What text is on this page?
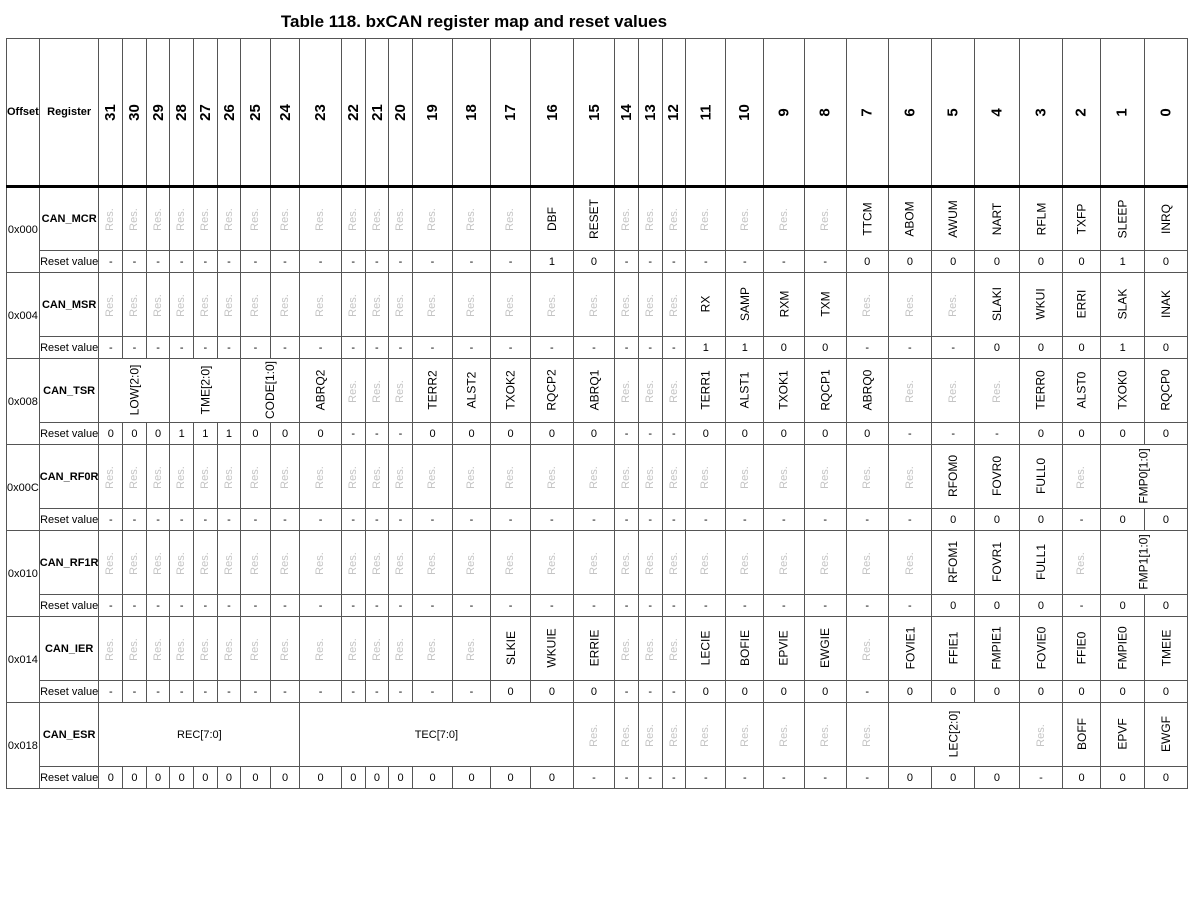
Table 118. bxCAN register map and reset values
Offset	Register	31	30	29	28	27	26	25	24	23	22	21	20	19	18	17	16	15	14	13	12	11	10	9	8	7	6	5	4	3	2	1	0
0x000	CAN_MCR	Res.	Res.	Res.	Res.	Res.	Res.	Res.	Res.	Res.	Res.	Res.	Res.	Res.	Res.	Res.	DBF	RESET	Res.	Res.	Res.	Res.	Res.	Res.	Res.	TTCM	ABOM	AWUM	NART	RFLM	TXFP	SLEEP	INRQ
	Reset value	-	-	-	-	-	-	-	-	-	-	-	-	-	-	-	1	0	-	-	-	-	-	-	-	0	0	0	0	0	0	1	0
0x004	CAN_MSR	Res.	Res.	Res.	Res.	Res.	Res.	Res.	Res.	Res.	Res.	Res.	Res.	Res.	Res.	Res.	Res.	Res.	Res.	Res.	Res.	RX	SAMP	RXM	TXM	Res.	Res.	Res.	SLAKI	WKUI	ERRI	SLAK	INAK
	Reset value	-	-	-	-	-	-	-	-	-	-	-	-	-	-	-	-	-	-	-	-	1	1	0	0	-	-	-	0	0	0	1	0
0x008	CAN_TSR	LOW[2:0]			TME[2:0]			CODE[1:0]		ABRQ2	Res.	Res.	Res.	TERR2	ALST2	TXOK2	RQCP2	ABRQ1	Res.	Res.	Res.	TERR1	ALST1	TXOK1	RQCP1	ABRQ0	Res.	Res.	Res.	TERR0	ALST0	TXOK0	RQCP0
	Reset value	0	0	0	1	1	1	0	0	0	-	-	-	0	0	0	0	0	-	-	-	0	0	0	0	0	-	-	-	0	0	0	0
0x00C	CAN_RF0R	Res.	Res.	Res.	Res.	Res.	Res.	Res.	Res.	Res.	Res.	Res.	Res.	Res.	Res.	Res.	Res.	Res.	Res.	Res.	Res.	Res.	Res.	Res.	Res.	Res.	Res.	RFOM0	FOVR0	FULL0	Res.	FMP0[1:0]	
	Reset value	-	-	-	-	-	-	-	-	-	-	-	-	-	-	-	-	-	-	-	-	-	-	-	-	-	-	0	0	0	-	0	0
0x010	CAN_RF1R	Res.	Res.	Res.	Res.	Res.	Res.	Res.	Res.	Res.	Res.	Res.	Res.	Res.	Res.	Res.	Res.	Res.	Res.	Res.	Res.	Res.	Res.	Res.	Res.	Res.	Res.	RFOM1	FOVR1	FULL1	Res.	FMP1[1:0]	
	Reset value	-	-	-	-	-	-	-	-	-	-	-	-	-	-	-	-	-	-	-	-	-	-	-	-	-	-	0	0	0	-	0	0
0x014	CAN_IER	Res.	Res.	Res.	Res.	Res.	Res.	Res.	Res.	Res.	Res.	Res.	Res.	Res.	Res.	SLKIE	WKUIE	ERRIE	Res.	Res.	Res.	LECIE	BOFIE	EPVIE	EWGIE	Res.	FOVIE1	FFIE1	FMPIE1	FOVIE0	FFIE0	FMPIE0	TMEIE
	Reset value	-	-	-	-	-	-	-	-	-	-	-	-	-	-	0	0	0	-	-	-	0	0	0	0	-	0	0	0	0	0	0	0
0x018	CAN_ESR	REC[7:0]								TEC[7:0]								Res.	Res.	Res.	Res.	Res.	Res.	Res.	Res.	Res.	LEC[2:0]			Res.	BOFF	EPVF	EWGF
	Reset value	0	0	0	0	0	0	0	0	0	0	0	0	0	0	0	0	-	-	-	-	-	-	-	-	-	0	0	0	-	0	0	0
